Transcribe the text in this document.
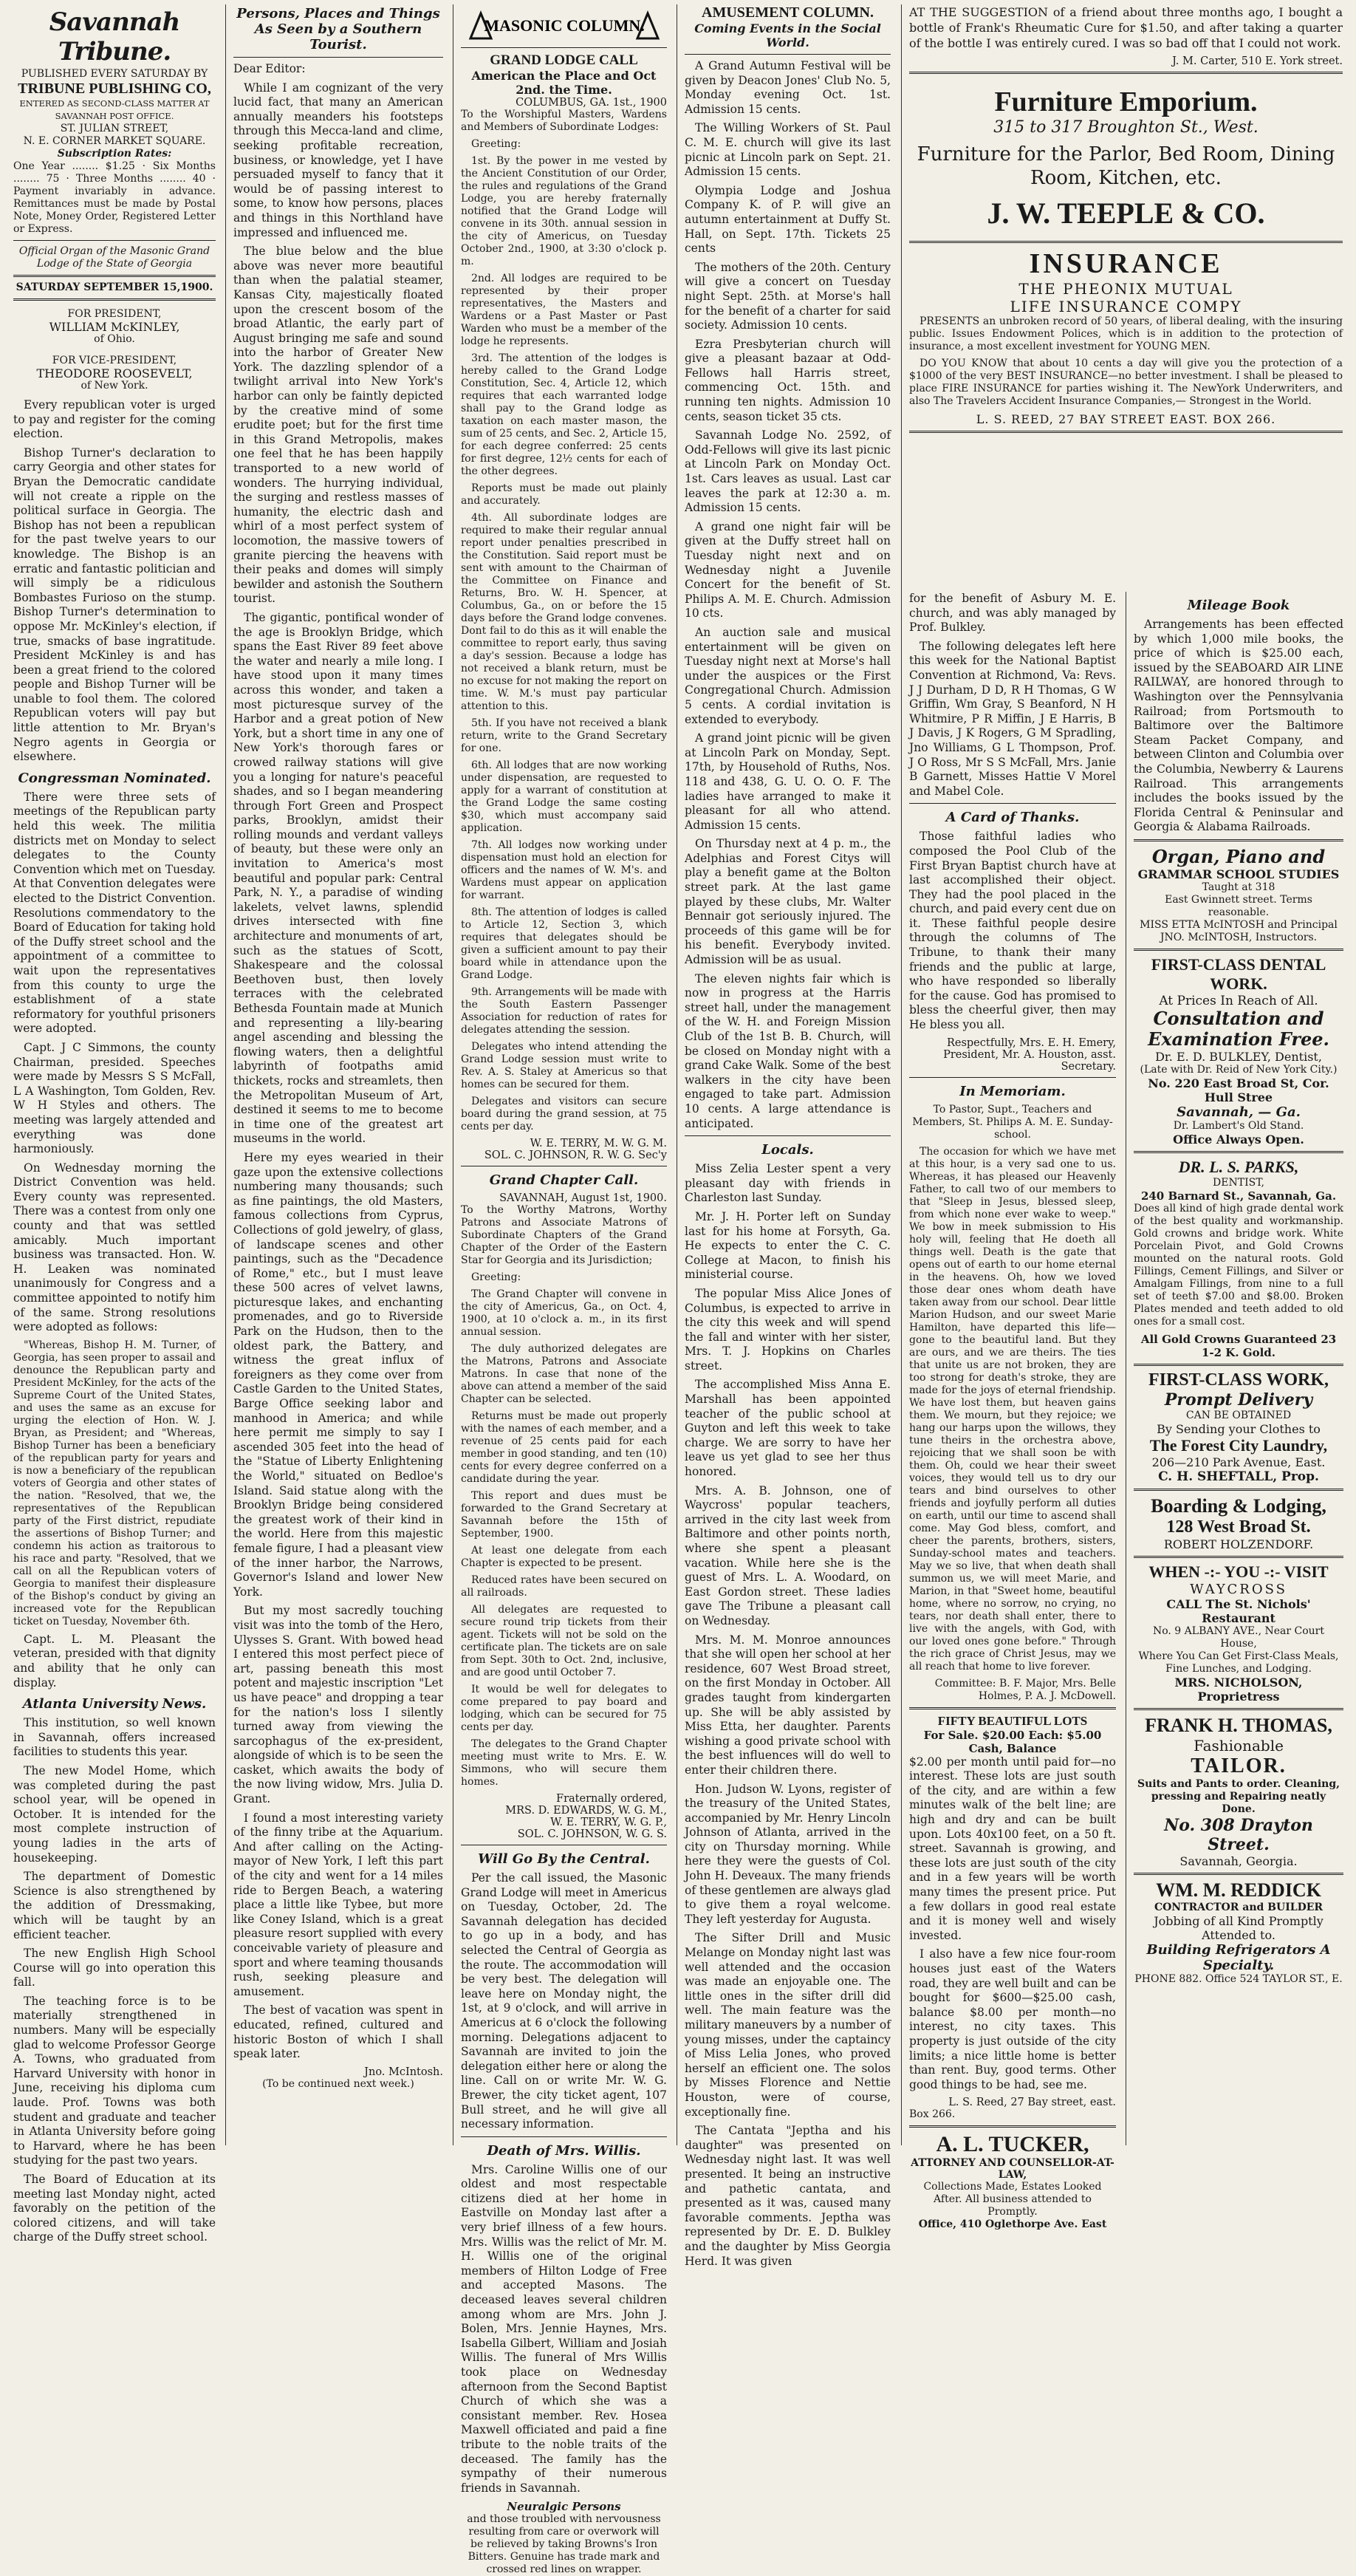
Savannah Tribune.
PUBLISHED EVERY SATURDAY BY
TRIBUNE PUBLISHING CO,
ENTERED AS SECOND-CLASS MATTER AT SAVANNAH POST OFFICE.
ST. JULIAN STREET,
N. E. CORNER MARKET SQUARE.
Subscription Rates:
One Year ........ $1.25 · Six Months ........ 75 · Three Months ........ 40 · Payment invariably in advance. Remittances must be made by Postal Note, Money Order, Registered Letter or Express.
Official Organ of the Masonic Grand Lodge of the State of Georgia
SATURDAY SEPTEMBER 15,1900.
FOR PRESIDENT,
WILLIAM McKINLEY,
of Ohio.
FOR VICE-PRESIDENT,
THEODORE ROOSEVELT,
of New York.

Every republican voter is urged to pay and register for the coming election.

Bishop Turner's declaration to carry Georgia and other states for Bryan the Democratic candidate will not create a ripple on the political surface in Georgia. The Bishop has not been a republican for the past twelve years to our knowledge. The Bishop is an erratic and fantastic politician and will simply be a ridiculous Bombastes Furioso on the stump. Bishop Turner's determination to oppose Mr. McKinley's election, if true, smacks of base ingratitude. President McKinley is and has been a great friend to the colored people and Bishop Turner will be unable to fool them. The colored Republican voters will pay but little attention to Mr. Bryan's Negro agents in Georgia or elsewhere.

Congressman Nominated.

There were three sets of meetings of the Republican party held this week. The militia districts met on Monday to select delegates to the County Convention which met on Tuesday. At that Convention delegates were elected to the District Convention. Resolutions commendatory to the Board of Education for taking hold of the Duffy street school and the appointment of a committee to wait upon the representatives from this county to urge the establishment of a state reformatory for youthful prisoners were adopted.

Capt. J C Simmons, the county Chairman, presided. Speeches were made by Messrs S S McFall, L A Washington, Tom Golden, Rev. W H Styles and others. The meeting was largely attended and everything was done harmoniously.

On Wednesday morning the District Convention was held. Every county was represented. There was a contest from only one county and that was settled amicably. Much important business was transacted. Hon. W. H. Leaken was nominated unanimously for Congress and a committee appointed to notify him of the same. Strong resolutions were adopted as follows:

"Whereas, Bishop H. M. Turner, of Georgia, has seen proper to assail and denounce the Republican party and President McKinley, for the acts of the Supreme Court of the United States, and uses the same as an excuse for urging the election of Hon. W. J. Bryan, as President; and "Whereas, Bishop Turner has been a beneficiary of the republican party for years and is now a beneficiary of the republican voters of Georgia and other states of the nation. "Resolved, that we, the representatives of the Republican party of the First district, repudiate the assertions of Bishop Turner; and condemn his action as traitorous to his race and party. "Resolved, that we call on all the Republican voters of Georgia to manifest their displeasure of the Bishop's conduct by giving an increased vote for the Republican ticket on Tuesday, November 6th.

Capt. L. M. Pleasant the veteran, presided with that dignity and ability that he only can display.

Atlanta University News.

This institution, so well known in Savannah, offers increased facilities to students this year.

The new Model Home, which was completed during the past school year, will be opened in October. It is intended for the most complete instruction of young ladies in the arts of housekeeping.

The department of Domestic Science is also strengthened by the addition of Dressmaking, which will be taught by an efficient teacher.

The new English High School Course will go into operation this fall.

The teaching force is to be materially strengthened in numbers. Many will be especially glad to welcome Professor George A. Towns, who graduated from Harvard University with honor in June, receiving his diploma cum laude. Prof. Towns was both student and graduate and teacher in Atlanta University before going to Harvard, where he has been studying for the past two years.

The Board of Education at its meeting last Monday night, acted favorably on the petition of the colored citizens, and will take charge of the Duffy street school.

Persons, Places and Things As Seen by a Southern Tourist.

Dear Editor:

While I am cognizant of the very lucid fact, that many an American annually meanders his footsteps through this Mecca-land and clime, seeking profitable recreation, business, or knowledge, yet I have persuaded myself to fancy that it would be of passing interest to some, to know how persons, places and things in this Northland have impressed and influenced me.

The blue below and the blue above was never more beautiful than when the palatial steamer, Kansas City, majestically floated upon the crescent bosom of the broad Atlantic, the early part of August bringing me safe and sound into the harbor of Greater New York. The dazzling splendor of a twilight arrival into New York's harbor can only be faintly depicted by the creative mind of some erudite poet; but for the first time in this Grand Metropolis, makes one feel that he has been happily transported to a new world of wonders. The hurrying individual, the surging and restless masses of humanity, the electric dash and whirl of a most perfect system of locomotion, the massive towers of granite piercing the heavens with their peaks and domes will simply bewilder and astonish the Southern tourist.

The gigantic, pontifical wonder of the age is Brooklyn Bridge, which spans the East River 89 feet above the water and nearly a mile long. I have stood upon it many times across this wonder, and taken a most picturesque survey of the Harbor and a great potion of New York, but a short time in any one of New York's thorough fares or crowed railway stations will give you a longing for nature's peaceful shades, and so I began meandering through Fort Green and Prospect parks, Brooklyn, amidst their rolling mounds and verdant valleys of beauty, but these were only an invitation to America's most beautiful and popular park: Central Park, N. Y., a paradise of winding lakelets, velvet lawns, splendid drives intersected with fine architecture and monuments of art, such as the statues of Scott, Shakespeare and the colossal Beethoven bust, then lovely terraces with the celebrated Bethesda Fountain made at Munich and representing a lily-bearing angel ascending and blessing the flowing waters, then a delightful labyrinth of footpaths amid thickets, rocks and streamlets, then the Metropolitan Museum of Art, destined it seems to me to become in time one of the greatest art museums in the world.

Here my eyes wearied in their gaze upon the extensive collections numbering many thousands; such as fine paintings, the old Masters, famous collections from Cyprus, Collections of gold jewelry, of glass, of landscape scenes and other paintings, such as the "Decadence of Rome," etc., but I must leave these 500 acres of velvet lawns, picturesque lakes, and enchanting promenades, and go to Riverside Park on the Hudson, then to the oldest park, the Battery, and witness the great influx of foreigners as they come over from Castle Garden to the United States, Barge Office seeking labor and manhood in America; and while here permit me simply to say I ascended 305 feet into the head of the "Statue of Liberty Enlightening the World," situated on Bedloe's Island. Said statue along with the Brooklyn Bridge being considered the greatest work of their kind in the world. Here from this majestic female figure, I had a pleasant view of the inner harbor, the Narrows, Governor's Island and lower New York.

But my most sacredly touching visit was into the tomb of the Hero, Ulysses S. Grant. With bowed head I entered this most perfect piece of art, passing beneath this most potent and majestic inscription "Let us have peace" and dropping a tear for the nation's loss I silently turned away from viewing the sarcophagus of the ex-president, alongside of which is to be seen the casket, which awaits the body of the now living widow, Mrs. Julia D. Grant.

I found a most interesting variety of the finny tribe at the Aquarium. And after calling on the Acting-mayor of New York, I left this part of the city and went for a 14 miles ride to Bergen Beach, a watering place a little like Tybee, but more like Coney Island, which is a great pleasure resort supplied with every conceivable variety of pleasure and sport and where teaming thousands rush, seeking pleasure and amusement.

The best of vacation was spent in educated, refined, cultured and historic Boston of which I shall speak later.

Jno. McIntosh.
(To be continued next week.)
MASONIC COLUMN.
GRAND LODGE CALL
American the Place and Oct 2nd. the Time.
COLUMBUS, GA. 1st., 1900

To the Worshipful Masters, Wardens and Members of Subordinate Lodges:

Greeting:

1st. By the power in me vested by the Ancient Constitution of our Order, the rules and regulations of the Grand Lodge, you are hereby fraternally notified that the Grand Lodge will convene in its 30th. annual session in the city of Americus, on Tuesday October 2nd., 1900, at 3:30 o'clock p. m.

2nd. All lodges are required to be represented by their proper representatives, the Masters and Wardens or a Past Master or Past Warden who must be a member of the lodge he represents.

3rd. The attention of the lodges is hereby called to the Grand Lodge Constitution, Sec. 4, Article 12, which requires that each warranted lodge shall pay to the Grand lodge as taxation on each master mason, the sum of 25 cents, and Sec. 2, Article 15, for each degree conferred: 25 cents for first degree, 12½ cents for each of the other degrees.

Reports must be made out plainly and accurately.

4th. All subordinate lodges are required to make their regular annual report under penalties prescribed in the Constitution. Said report must be sent with amount to the Chairman of the Committee on Finance and Returns, Bro. W. H. Spencer, at Columbus, Ga., on or before the 15 days before the Grand lodge convenes. Dont fail to do this as it will enable the committee to report early, thus saving a day's session. Because a lodge has not received a blank return, must be no excuse for not making the report on time. W. M.'s must pay particular attention to this.

5th. If you have not received a blank return, write to the Grand Secretary for one.

6th. All lodges that are now working under dispensation, are requested to apply for a warrant of constitution at the Grand Lodge the same costing $30, which must accompany said application.

7th. All lodges now working under dispensation must hold an election for officers and the names of W. M's. and Wardens must appear on application for warrant.

8th. The attention of lodges is called to Article 12, Section 3, which requires that delegates should be given a sufficient amount to pay their board while in attendance upon the Grand Lodge.

9th. Arrangements will be made with the South Eastern Passenger Association for reduction of rates for delegates attending the session.

Delegates who intend attending the Grand Lodge session must write to Rev. A. S. Staley at Americus so that homes can be secured for them.

Delegates and visitors can secure board during the grand session, at 75 cents per day.

W. E. TERRY, M. W. G. M.
SOL. C. JOHNSON, R. W. G. Sec'y
Grand Chapter Call.
SAVANNAH, August 1st, 1900.

To the Worthy Matrons, Worthy Patrons and Associate Matrons of Subordinate Chapters of the Grand Chapter of the Order of the Eastern Star for Georgia and its Jurisdiction;

Greeting:

The Grand Chapter will convene in the city of Americus, Ga., on Oct. 4, 1900, at 10 o'clock a. m., in its first annual session.

The duly authorized delegates are the Matrons, Patrons and Associate Matrons. In case that none of the above can attend a member of the said Chapter can be selected.

Returns must be made out properly with the names of each member, and a revenue of 25 cents paid for each member in good standing, and ten (10) cents for every degree conferred on a candidate during the year.

This report and dues must be forwarded to the Grand Secretary at Savannah before the 15th of September, 1900.

At least one delegate from each Chapter is expected to be present.

Reduced rates have been secured on all railroads.

All delegates are requested to secure round trip tickets from their agent. Tickets will not be sold on the certificate plan. The tickets are on sale from Sept. 30th to Oct. 2nd, inclusive, and are good until October 7.

It would be well for delegates to come prepared to pay board and lodging, which can be secured for 75 cents per day.

The delegates to the Grand Chapter meeting must write to Mrs. E. W. Simmons, who will secure them homes.

Fraternally ordered,
MRS. D. EDWARDS, W. G. M.,
W. E. TERRY, W. G. P.,
SOL. C. JOHNSON, W. G. S.
Will Go By the Central.

Per the call issued, the Masonic Grand Lodge will meet in Americus on Tuesday, October, 2d. The Savannah delegation has decided to go up in a body, and has selected the Central of Georgia as the route. The accommodation will be very best. The delegation will leave here on Monday night, the 1st, at 9 o'clock, and will arrive in Americus at 6 o'clock the following morning. Delegations adjacent to Savannah are invited to join the delegation either here or along the line. Call on or write Mr. W. G. Brewer, the city ticket agent, 107 Bull street, and he will give all necessary information.

Death of Mrs. Willis.

Mrs. Caroline Willis one of our oldest and most respectable citizens died at her home in Eastville on Monday last after a very brief illness of a few hours. Mrs. Willis was the relict of Mr. M. H. Willis one of the original members of Hilton Lodge of Free and accepted Masons. The deceased leaves several children among whom are Mrs. John J. Bolen, Mrs. Jennie Haynes, Mrs. Isabella Gilbert, William and Josiah Willis. The funeral of Mrs Willis took place on Wednesday afternoon from the Second Baptist Church of which she was a consistant member. Rev. Hosea Maxwell officiated and paid a fine tribute to the noble traits of the deceased. The family has the sympathy of their numerous friends in Savannah.

Neuralgic Persons

and those troubled with nervousness resulting from care or overwork will be relieved by taking Browns's Iron Bitters. Genuine has trade mark and crossed red lines on wrapper.

AMUSEMENT COLUMN.
Coming Events in the Social World.

A Grand Autumn Festival will be given by Deacon Jones' Club No. 5, Monday evening Oct. 1st. Admission 15 cents.

The Willing Workers of St. Paul C. M. E. church will give its last picnic at Lincoln park on Sept. 21. Admission 15 cents.

Olympia Lodge and Joshua Company K. of P. will give an autumn entertainment at Duffy St. Hall, on Sept. 17th. Tickets 25 cents

The mothers of the 20th. Century will give a concert on Tuesday night Sept. 25th. at Morse's hall for the benefit of a charter for said society. Admission 10 cents.

Ezra Presbyterian church will give a pleasant bazaar at Odd-Fellows hall Harris street, commencing Oct. 15th. and running ten nights. Admission 10 cents, season ticket 35 cts.

Savannah Lodge No. 2592, of Odd-Fellows will give its last picnic at Lincoln Park on Monday Oct. 1st. Cars leaves as usual. Last car leaves the park at 12:30 a. m. Admission 15 cents.

A grand one night fair will be given at the Duffy street hall on Tuesday night next and on Wednesday night a Juvenile Concert for the benefit of St. Philips A. M. E. Church. Admission 10 cts.

An auction sale and musical entertainment will be given on Tuesday night next at Morse's hall under the auspices or the First Congregational Church. Admission 5 cents. A cordial invitation is extended to everybody.

A grand joint picnic will be given at Lincoln Park on Monday, Sept. 17th, by Household of Ruths, Nos. 118 and 438, G. U. O. O. F. The ladies have arranged to make it pleasant for all who attend. Admission 15 cents.

On Thursday next at 4 p. m., the Adelphias and Forest Citys will play a benefit game at the Bolton street park. At the last game played by these clubs, Mr. Walter Bennair got seriously injured. The proceeds of this game will be for his benefit. Everybody invited. Admission will be as usual.

The eleven nights fair which is now in progress at the Harris street hall, under the management of the W. H. and Foreign Mission Club of the 1st B. B. Church, will be closed on Monday night with a grand Cake Walk. Some of the best walkers in the city have been engaged to take part. Admission 10 cents. A large attendance is anticipated.

Locals.

Miss Zelia Lester spent a very pleasant day with friends in Charleston last Sunday.

Mr. J. H. Porter left on Sunday last for his home at Forsyth, Ga. He expects to enter the C. C. College at Macon, to finish his ministerial course.

The popular Miss Alice Jones of Columbus, is expected to arrive in the city this week and will spend the fall and winter with her sister, Mrs. T. J. Hopkins on Charles street.

The accomplished Miss Anna E. Marshall has been appointed teacher of the public school at Guyton and left this week to take charge. We are sorry to have her leave us yet glad to see her thus honored.

Mrs. A. B. Johnson, one of Waycross' popular teachers, arrived in the city last week from Baltimore and other points north, where she spent a pleasant vacation. While here she is the guest of Mrs. L. A. Woodard, on East Gordon street. These ladies gave The Tribune a pleasant call on Wednesday.

Mrs. M. M. Monroe announces that she will open her school at her residence, 607 West Broad street, on the first Monday in October. All grades taught from kindergarten up. She will be ably assisted by Miss Etta, her daughter. Parents wishing a good private school with the best influences will do well to enter their children there.

Hon. Judson W. Lyons, register of the treasury of the United States, accompanied by Mr. Henry Lincoln Johnson of Atlanta, arrived in the city on Thursday morning. While here they were the guests of Col. John H. Deveaux. The many friends of these gentlemen are always glad to give them a royal welcome. They left yesterday for Augusta.

The Sifter Drill and Music Melange on Monday night last was well attended and the occasion was made an enjoyable one. The little ones in the sifter drill did well. The main feature was the military maneuvers by a number of young misses, under the captaincy of Miss Lelia Jones, who proved herself an efficient one. The solos by Misses Florence and Nettie Houston, were of course, exceptionally fine.

The Cantata "Jeptha and his daughter" was presented on Wednesday night last. It was well presented. It being an instructive and pathetic cantata, and presented as it was, caused many favorable comments. Jeptha was represented by Dr. E. D. Bulkley and the daughter by Miss Georgia Herd. It was given

AT THE SUGGESTION of a friend about three months ago, I bought a bottle of Frank's Rheumatic Cure for $1.50, and after taking a quarter of the bottle I was entirely cured. I was so bad off that I could not work.

J. M. Carter, 510 E. York street.
Furniture Emporium.
315 to 317 Broughton St., West.
Furniture for the Parlor, Bed Room, Dining Room, Kitchen, etc.
J. W. TEEPLE & CO.
INSURANCE
THE PHEONIX MUTUAL
LIFE INSURANCE COMPY

PRESENTS an unbroken record of 50 years, of liberal dealing, with the insuring public. Issues Endowment Polices, which is in addition to the protection of insurance, a most excellent investment for YOUNG MEN.

DO YOU KNOW that about 10 cents a day will give you the protection of a $1000 of the very BEST INSURANCE—no better investment. I shall be pleased to place FIRE INSURANCE for parties wishing it. The NewYork Underwriters, and also The Travelers Accident Insurance Companies,— Strongest in the World.

L. S. REED, 27 BAY STREET EAST. BOX 266.

for the benefit of Asbury M. E. church, and was ably managed by Prof. Bulkley.

The following delegates left here this week for the National Baptist Convention at Richmond, Va: Revs. J J Durham, D D, R H Thomas, G W Griffin, Wm Gray, S Beanford, N H Whitmire, P R Miffin, J E Harris, B J Davis, J K Rogers, G M Spradling, Jno Williams, G L Thompson, Prof. J O Ross, Mr S S McFall, Mrs. Janie B Garnett, Misses Hattie V Morel and Mabel Cole.

A Card of Thanks.

Those faithful ladies who composed the Pool Club of the First Bryan Baptist church have at last accomplished their object. They had the pool placed in the church, and paid every cent due on it. These faithful people desire through the columns of The Tribune, to thank their many friends and the public at large, who have responded so liberally for the cause. God has promised to bless the cheerful giver, then may He bless you all.

Respectfully, Mrs. E. H. Emery, President, Mr. A. Houston, asst. Secretary.
In Memoriam.

To Pastor, Supt., Teachers and Members, St. Philips A. M. E. Sunday-school.

The occasion for which we have met at this hour, is a very sad one to us. Whereas, it has pleased our Heavenly Father, to call two of our members to that "Sleep in Jesus, blessed sleep, from which none ever wake to weep." We bow in meek submission to His holy will, feeling that He doeth all things well. Death is the gate that opens out of earth to our home eternal in the heavens. Oh, how we loved those dear ones whom death have taken away from our school. Dear little Marion Hudson, and our sweet Marie Hamilton, have departed this life—gone to the beautiful land. But they are ours, and we are theirs. The ties that unite us are not broken, they are too strong for death's stroke, they are made for the joys of eternal friendship. We have lost them, but heaven gains them. We mourn, but they rejoice; we hang our harps upon the willows, they tune theirs in the orchestra above, rejoicing that we shall soon be with them. Oh, could we hear their sweet voices, they would tell us to dry our tears and bind ourselves to other friends and joyfully perform all duties on earth, until our time to ascend shall come. May God bless, comfort, and cheer the parents, brothers, sisters, Sunday-school mates and teachers. May we so live, that when death shall summon us, we will meet Marie, and Marion, in that "Sweet home, beautiful home, where no sorrow, no crying, no tears, nor death shall enter, there to live with the angels, with God, with our loved ones gone before." Through the rich grace of Christ Jesus, may we all reach that home to live forever.

Committee: B. F. Major, Mrs. Belle Holmes, P. A. J. McDowell.
FIFTY BEAUTIFUL LOTS
For Sale. $20.00 Each: $5.00 Cash, Balance

$2.00 per month until paid for—no interest. These lots are just south of the city, and are within a few minutes walk of the belt line; are high and dry and can be built upon. Lots 40x100 feet, on a 50 ft. street. Savannah is growing, and these lots are just south of the city and in a few years will be worth many times the present price. Put a few dollars in good real estate and it is money well and wisely invested.

I also have a few nice four-room houses just east of the Waters road, they are well built and can be bought for $600—$25.00 cash, balance $8.00 per month—no interest, no city taxes. This property is just outside of the city limits; a nice little home is better than rent. Buy, good terms. Other good things to be had, see me.

L. S. Reed, 27 Bay street, east.
Box 266.
A. L. TUCKER,
ATTORNEY AND COUNSELLOR-AT-LAW,
Collections Made, Estates Looked After. All business attended to Promptly.
Office, 410 Oglethorpe Ave. East
Mileage Book

Arrangements has been effected by which 1,000 mile books, the price of which is $25.00 each, issued by the SEABOARD AIR LINE RAILWAY, are honored through to Washington over the Pennsylvania Railroad; from Portsmouth to Baltimore over the Baltimore Steam Packet Company, and between Clinton and Columbia over the Columbia, Newberry & Laurens Railroad. This arrangements includes the books issued by the Florida Central & Peninsular and Georgia & Alabama Railroads.

Organ, Piano and
GRAMMAR SCHOOL STUDIES
Taught at 318
East Gwinnett street. Terms reasonable.
MISS ETTA McINTOSH and Principal JNO. McINTOSH, Instructors.
FIRST-CLASS DENTAL WORK.
At Prices In Reach of All.
Consultation and Examination Free.
Dr. E. D. BULKLEY, Dentist,
(Late with Dr. Reid of New York City.)
No. 220 East Broad St, Cor. Hull Stree
Savannah, — Ga.
Dr. Lambert's Old Stand.
Office Always Open.
DR. L. S. PARKS,
DENTIST,
240 Barnard St., Savannah, Ga.

Does all kind of high grade dental work of the best quality and workmanship. Gold crowns and bridge work. White Porcelain Pivot, and Gold Crowns mounted on the natural roots. Gold Fillings, Cement Fillings, and Silver or Amalgam Fillings, from nine to a full set of teeth $7.00 and $8.00. Broken Plates mended and teeth added to old ones for a small cost.

All Gold Crowns Guaranteed 23 1-2 K. Gold.
FIRST-CLASS WORK,
Prompt Delivery
CAN BE OBTAINED
By Sending your Clothes to
The Forest City Laundry,
206—210 Park Avenue, East.
C. H. SHEFTALL, Prop.
Boarding & Lodging,
128 West Broad St.
ROBERT HOLZENDORF.
WHEN -:- YOU -:- VISIT
WAYCROSS
CALL The St. Nichols' Restaurant
No. 9 ALBANY AVE., Near Court House,
Where You Can Get First-Class Meals, Fine Lunches, and Lodging.
MRS. NICHOLSON, Proprietress
FRANK H. THOMAS,
Fashionable
TAILOR.
Suits and Pants to order. Cleaning, pressing and Repairing neatly Done.
No. 308 Drayton Street.
Savannah, Georgia.
WM. M. REDDICK
CONTRACTOR and BUILDER
Jobbing of all Kind Promptly Attended to.
Building Refrigerators A Specialty.
PHONE 882. Office 524 TAYLOR ST., E.
